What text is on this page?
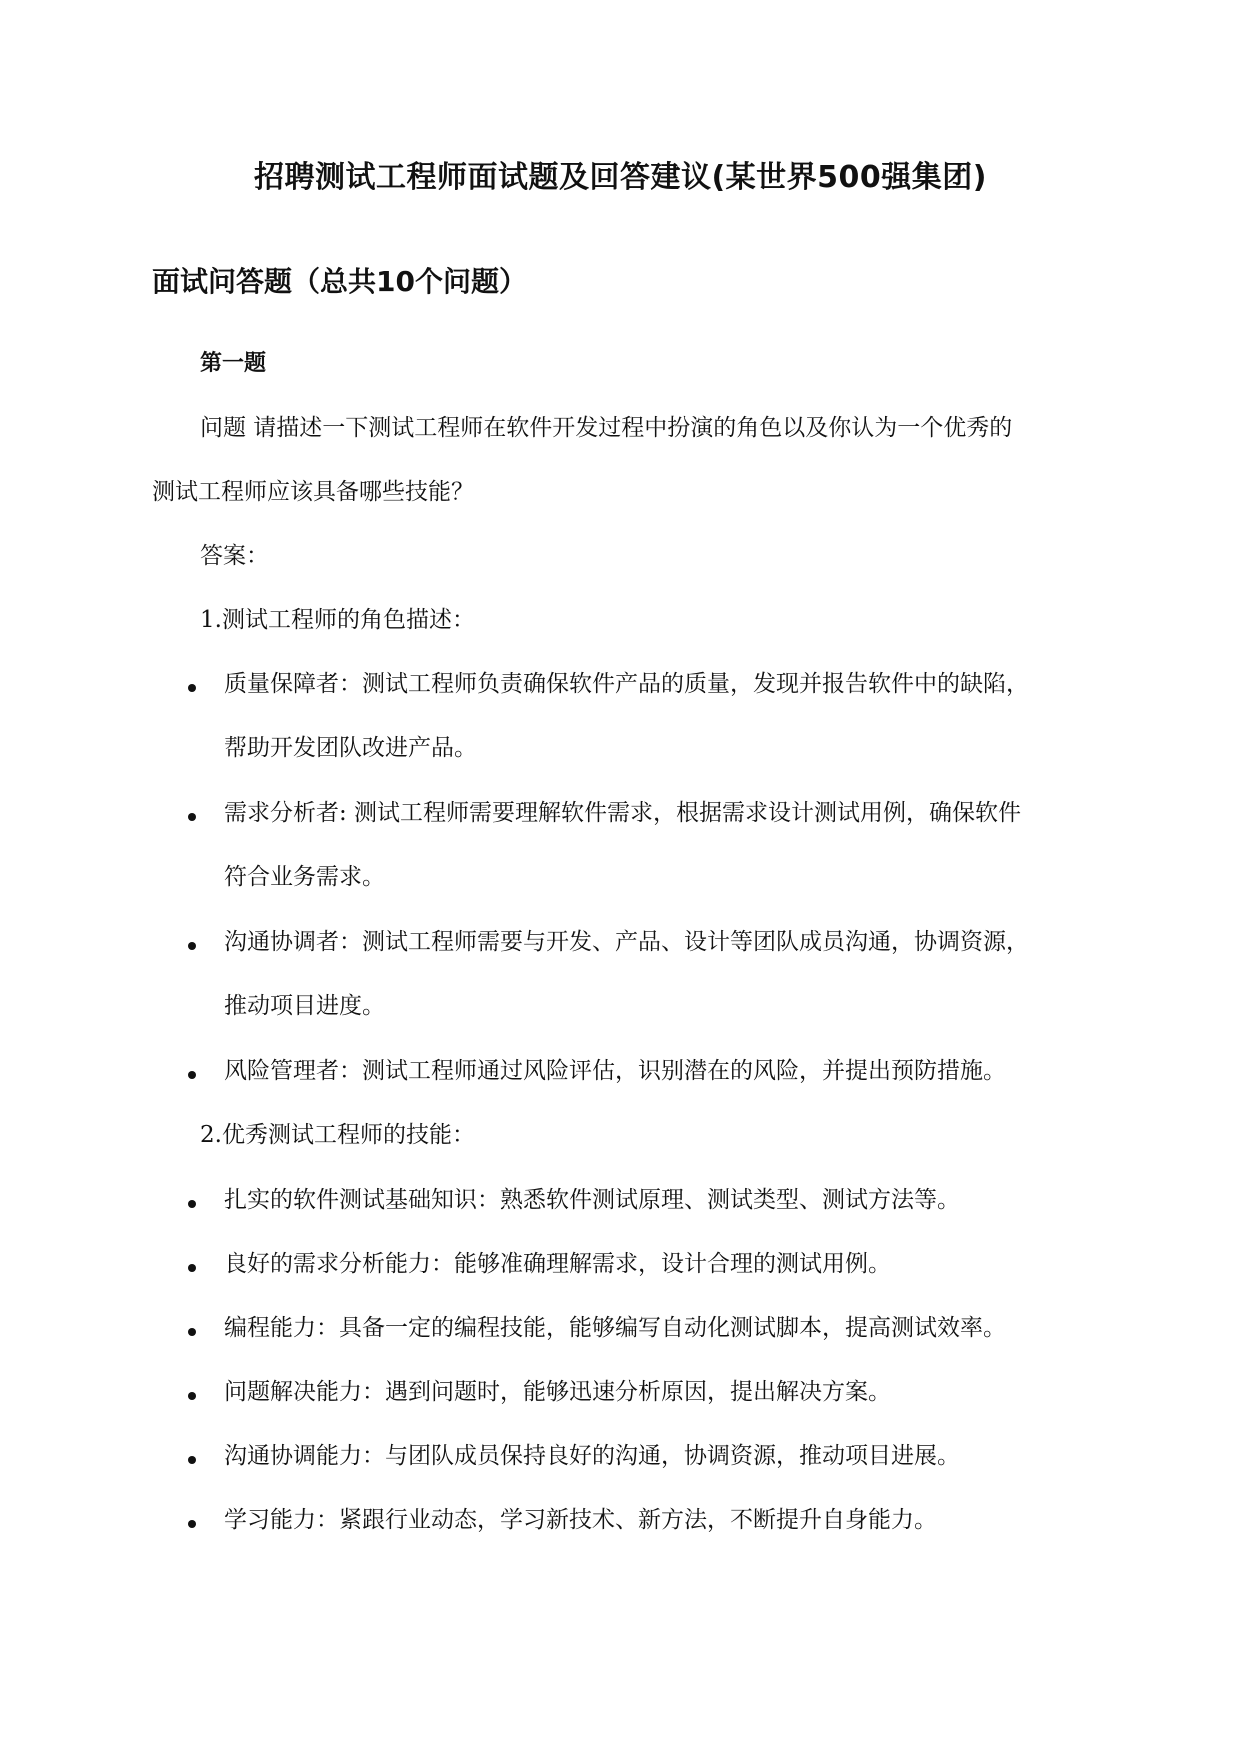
招聘测试工程师面试题及回答建议(某世界500强集团)
面试问答题（总共10个问题）

第一题

问题 请描述一下测试工程师在软件开发过程中扮演的角色以及你认为一个优秀的

测试工程师应该具备哪些技能？

答案：

1.测试工程师的角色描述：

质量保障者：测试工程师负责确保软件产品的质量，发现并报告软件中的缺陷，

帮助开发团队改进产品。

需求分析者: 测试工程师需要理解软件需求，根据需求设计测试用例，确保软件

符合业务需求。

沟通协调者：测试工程师需要与开发、产品、设计等团队成员沟通，协调资源，

推动项目进度。

风险管理者：测试工程师通过风险评估，识别潜在的风险，并提出预防措施。

2.优秀测试工程师的技能：

扎实的软件测试基础知识：熟悉软件测试原理、测试类型、测试方法等。

良好的需求分析能力：能够准确理解需求，设计合理的测试用例。

编程能力：具备一定的编程技能，能够编写自动化测试脚本，提高测试效率。

问题解决能力：遇到问题时，能够迅速分析原因，提出解决方案。

沟通协调能力：与团队成员保持良好的沟通，协调资源，推动项目进展。

学习能力：紧跟行业动态，学习新技术、新方法，不断提升自身能力。
